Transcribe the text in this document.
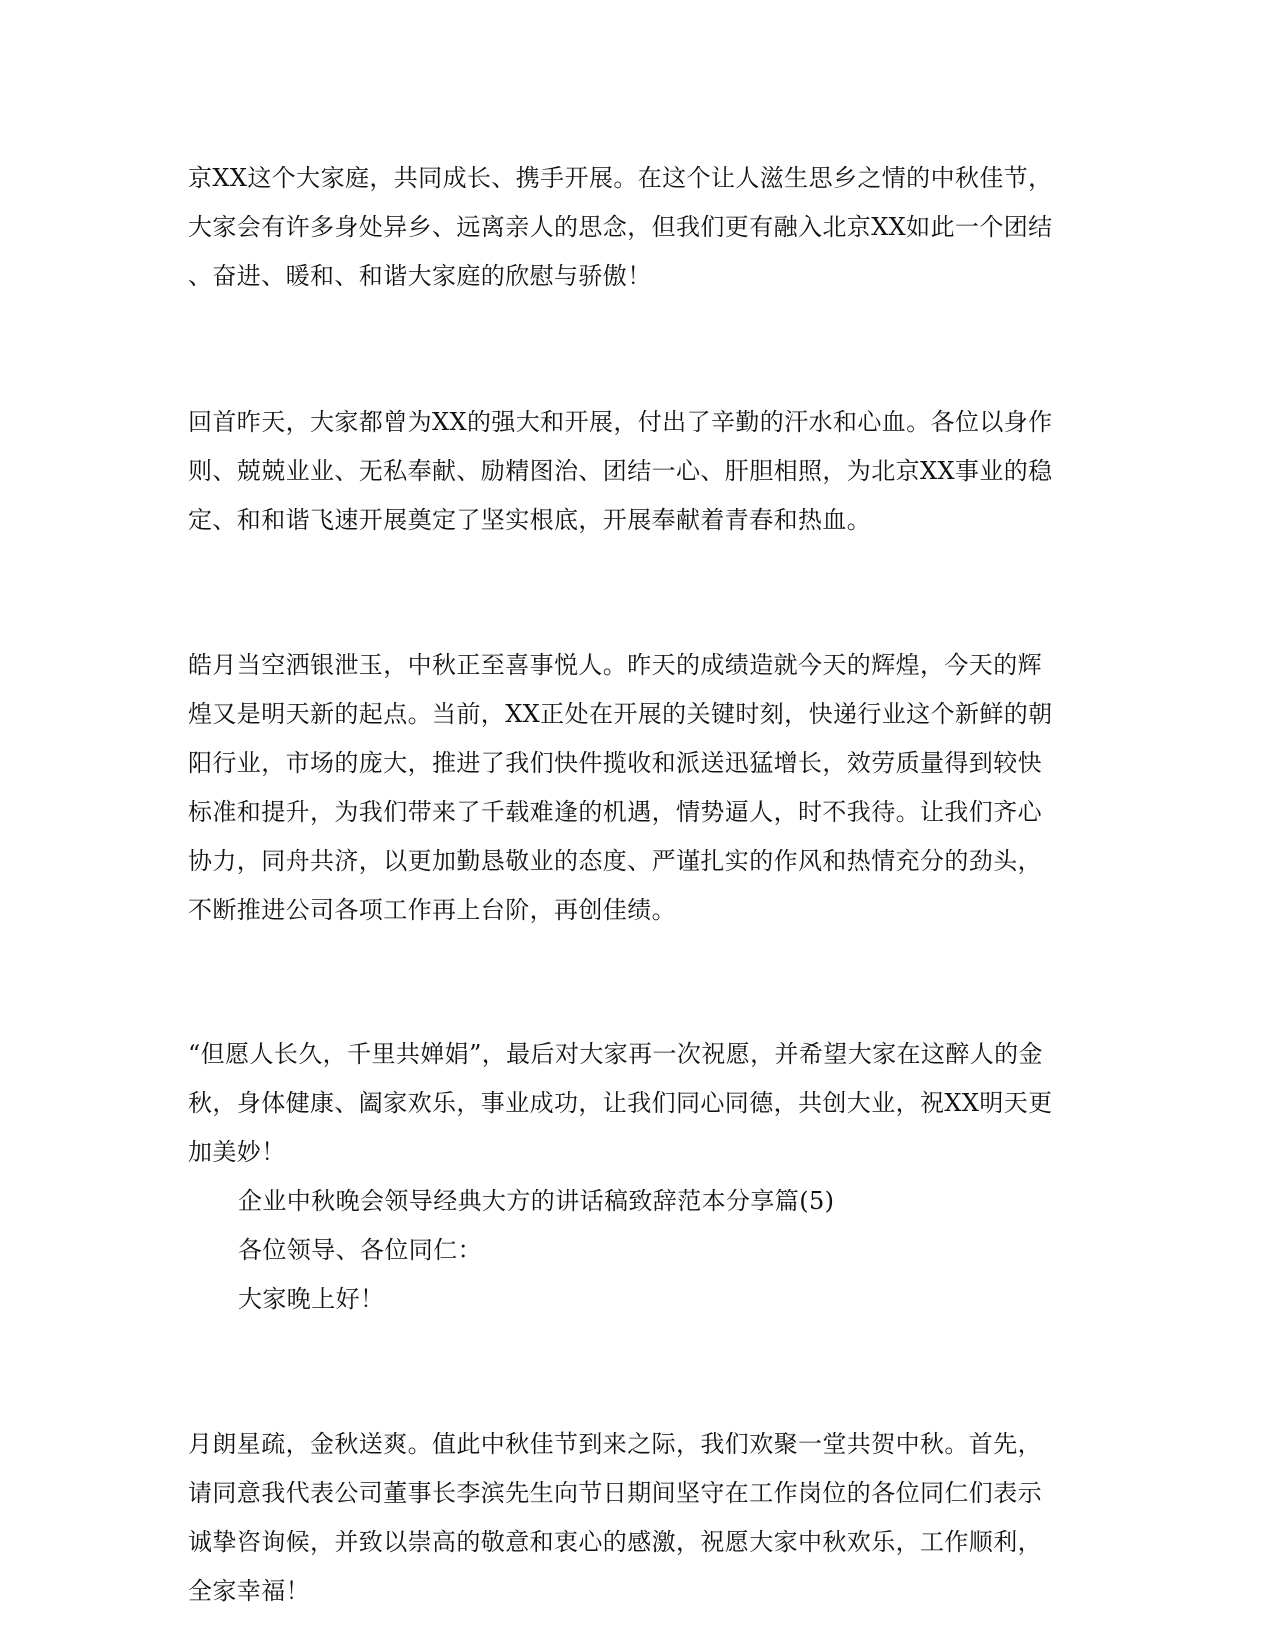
京XX这个大家庭，共同成长、携手开展。在这个让人滋生思乡之情的中秋佳节，
大家会有许多身处异乡、远离亲人的思念，但我们更有融入北京XX如此一个团结
、奋进、暖和、和谐大家庭的欣慰与骄傲！
回首昨天，大家都曾为XX的强大和开展，付出了辛勤的汗水和心血。各位以身作
则、兢兢业业、无私奉献、励精图治、团结一心、肝胆相照，为北京XX事业的稳
定、和和谐飞速开展奠定了坚实根底，开展奉献着青春和热血。
皓月当空洒银泄玉，中秋正至喜事悦人。昨天的成绩造就今天的辉煌，今天的辉
煌又是明天新的起点。当前，XX正处在开展的关键时刻，快递行业这个新鲜的朝
阳行业，市场的庞大，推进了我们快件揽收和派送迅猛增长，效劳质量得到较快
标准和提升，为我们带来了千载难逢的机遇，情势逼人，时不我待。让我们齐心
协力，同舟共济，以更加勤恳敬业的态度、严谨扎实的作风和热情充分的劲头，
不断推进公司各项工作再上台阶，再创佳绩。
“但愿人长久，千里共婵娟”，最后对大家再一次祝愿，并希望大家在这醉人的金
秋，身体健康、阖家欢乐，事业成功，让我们同心同德，共创大业，祝XX明天更
加美妙！
企业中秋晚会领导经典大方的讲话稿致辞范本分享篇(5)
各位领导、各位同仁：
大家晚上好！
月朗星疏，金秋送爽。值此中秋佳节到来之际，我们欢聚一堂共贺中秋。首先，
请同意我代表公司董事长李滨先生向节日期间坚守在工作岗位的各位同仁们表示
诚挚咨询候，并致以崇高的敬意和衷心的感激，祝愿大家中秋欢乐，工作顺利，
全家幸福！
